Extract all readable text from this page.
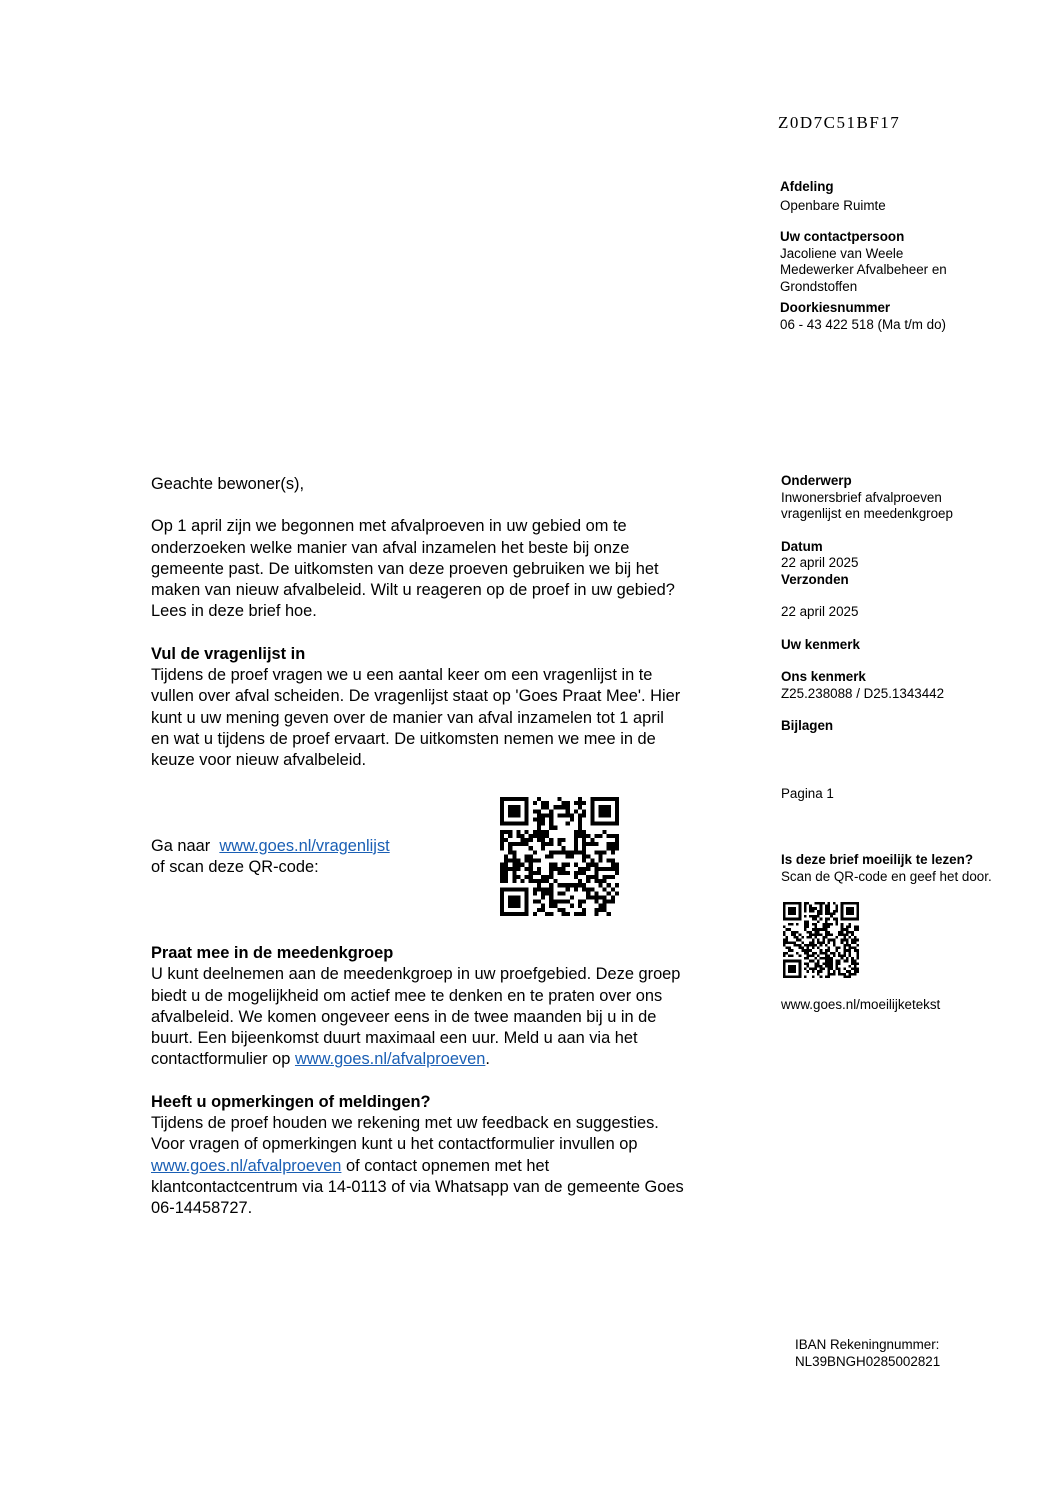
Z0D7C51BF17
Afdeling
Openbare Ruimte
Uw contactpersoon
Jacoliene van Weele
Medewerker Afvalbeheer en
Grondstoffen
Doorkiesnummer
06 - 43 422 518 (Ma t/m do)
Onderwerp
Inwonersbrief afvalproeven
vragenlijst en meedenkgroep
Datum
22 april 2025
Verzonden
22 april 2025
Uw kenmerk
Ons kenmerk
Z25.238088 / D25.1343442
Bijlagen
Pagina 1
Is deze brief moeilijk te lezen?
Scan de QR-code en geef het door.
www.goes.nl/moeilijketekst
IBAN Rekeningnummer:
NL39BNGH0285002821

Geachte bewoner(s),

Op 1 april zijn we begonnen met afvalproeven in uw gebied om te

onderzoeken welke manier van afval inzamelen het beste bij onze

gemeente past. De uitkomsten van deze proeven gebruiken we bij het

maken van nieuw afvalbeleid. Wilt u reageren op de proef in uw gebied?

Lees in deze brief hoe.

Vul de vragenlijst in

Tijdens de proef vragen we u een aantal keer om een vragenlijst in te

vullen over afval scheiden. De vragenlijst staat op 'Goes Praat Mee'. Hier

kunt u uw mening geven over de manier van afval inzamelen tot 1 april

en wat u tijdens de proef ervaart. De uitkomsten nemen we mee in de

keuze voor nieuw afvalbeleid.

Ga naar www.goes.nl/vragenlijst

of scan deze QR-code:

Praat mee in de meedenkgroep

U kunt deelnemen aan de meedenkgroep in uw proefgebied. Deze groep

biedt u de mogelijkheid om actief mee te denken en te praten over ons

afvalbeleid. We komen ongeveer eens in de twee maanden bij u in de

buurt. Een bijeenkomst duurt maximaal een uur. Meld u aan via het

contactformulier op www.goes.nl/afvalproeven.

Heeft u opmerkingen of meldingen?

Tijdens de proef houden we rekening met uw feedback en suggesties.

Voor vragen of opmerkingen kunt u het contactformulier invullen op

www.goes.nl/afvalproeven of contact opnemen met het

klantcontactcentrum via 14-0113 of via Whatsapp van de gemeente Goes

06-14458727.
